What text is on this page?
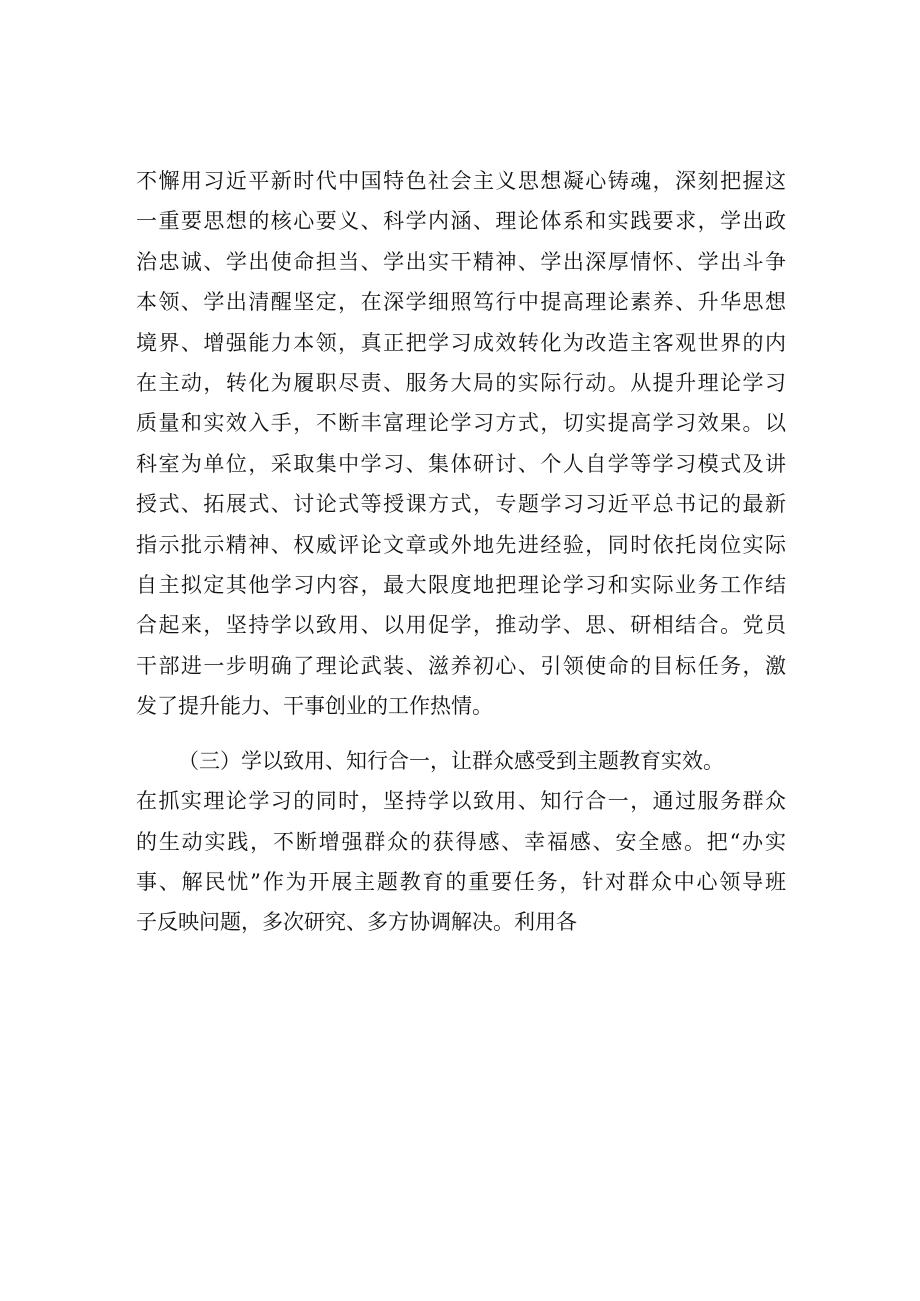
不懈用习近平新时代中国特色社会主义思想凝心铸魂，深刻把握这
一重要思想的核心要义、科学内涵、理论体系和实践要求，学出政
治忠诚、学出使命担当、学出实干精神、学出深厚情怀、学出斗争
本领、学出清醒坚定，在深学细照笃行中提高理论素养、升华思想
境界、增强能力本领，真正把学习成效转化为改造主客观世界的内
在主动，转化为履职尽责、服务大局的实际行动。从提升理论学习
质量和实效入手，不断丰富理论学习方式，切实提高学习效果。以
科室为单位，采取集中学习、集体研讨、个人自学等学习模式及讲
授式、拓展式、讨论式等授课方式，专题学习习近平总书记的最新
指示批示精神、权威评论文章或外地先进经验，同时依托岗位实际
自主拟定其他学习内容，最大限度地把理论学习和实际业务工作结
合起来，坚持学以致用、以用促学，推动学、思、研相结合。党员
干部进一步明确了理论武装、滋养初心、引领使命的目标任务，激
发了提升能力、干事创业的工作热情。

（三）学以致用、知行合一，让群众感受到主题教育实效。
在抓实理论学习的同时，坚持学以致用、知行合一，通过服务群众
的生动实践，不断增强群众的获得感、幸福感、安全感。把“办实
事、解民忧”作为开展主题教育的重要任务，针对群众中心领导班
子反映问题，多次研究、多方协调解决。利用各
